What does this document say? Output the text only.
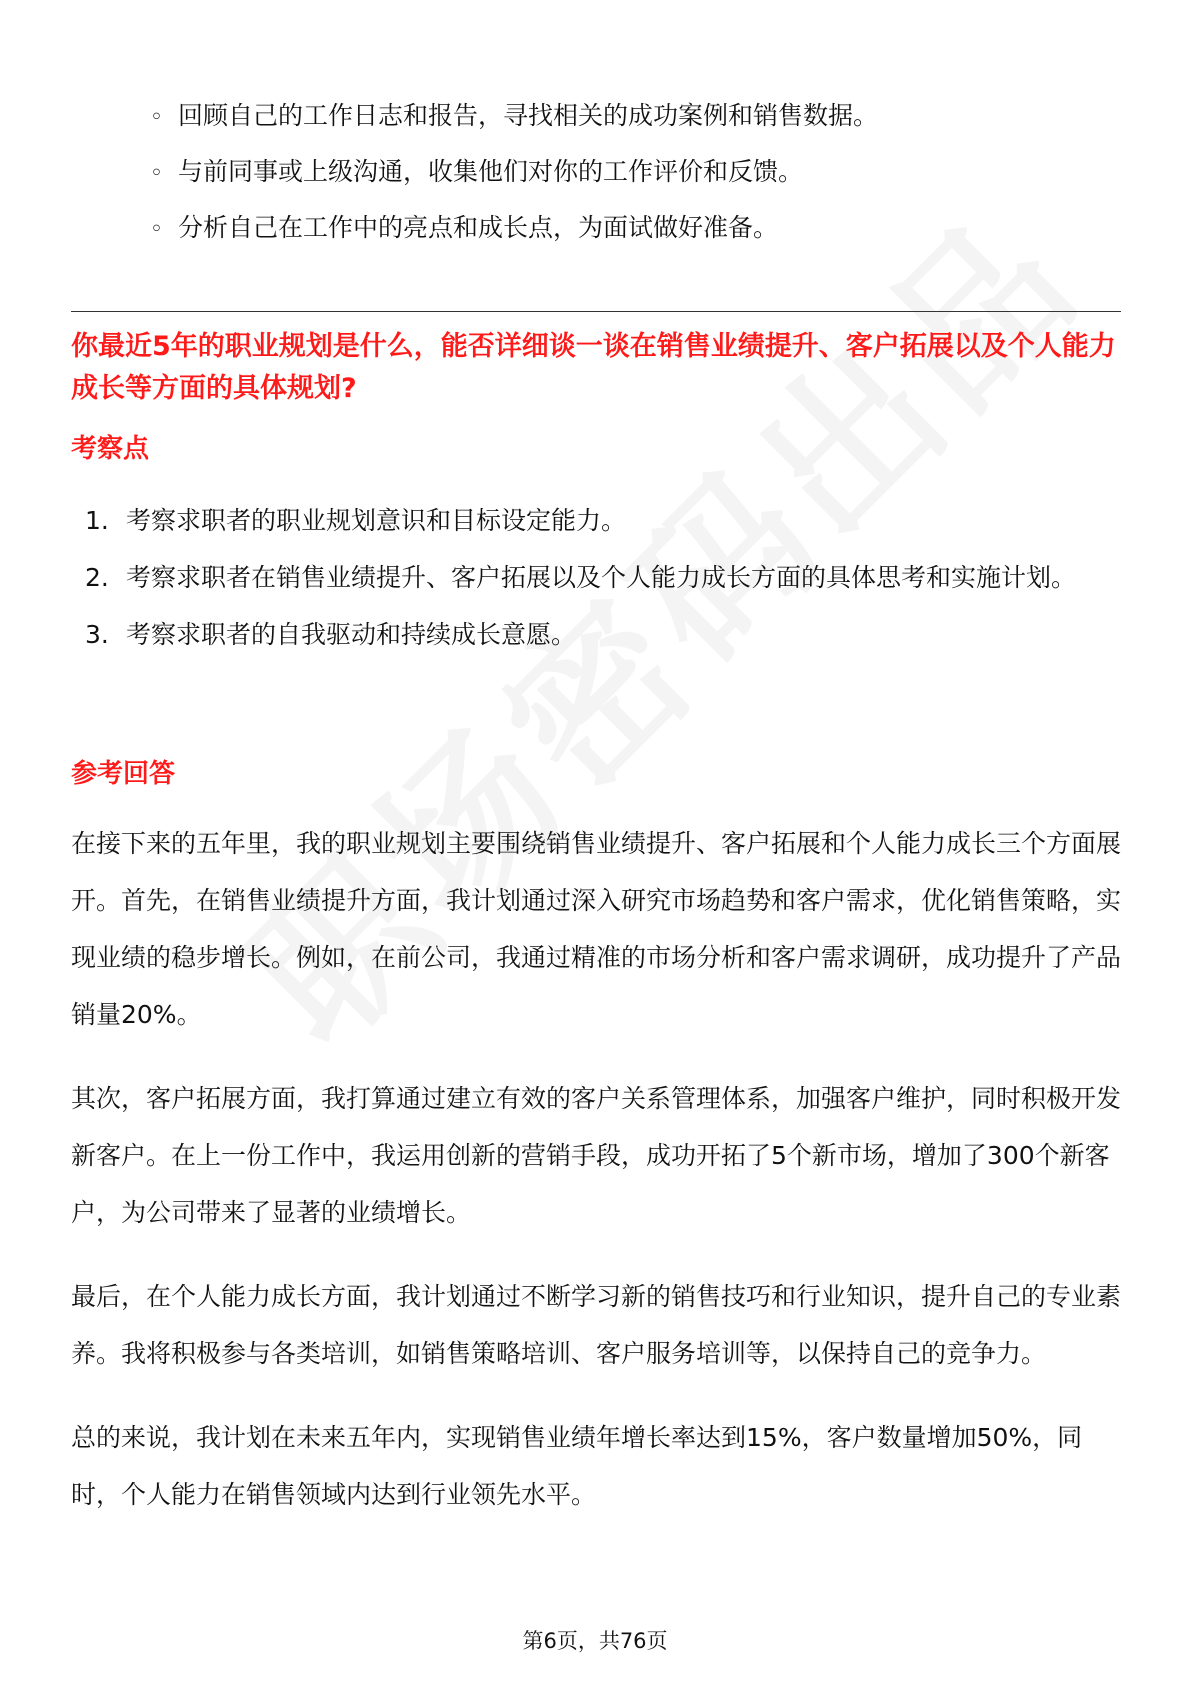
◦ 回顾自己的工作日志和报告，寻找相关的成功案例和销售数据。
◦ 与前同事或上级沟通，收集他们对你的工作评价和反馈。
◦ 分析自己在工作中的亮点和成长点，为面试做好准备。
你最近5年的职业规划是什么，能否详细谈一谈在销售业绩提升、客户拓展以及个人能力成长等方面的具体规划?
考察点
1. 考察求职者的职业规划意识和目标设定能力。
2. 考察求职者在销售业绩提升、客户拓展以及个人能力成长方面的具体思考和实施计划。
3. 考察求职者的自我驱动和持续成长意愿。
参考回答

在接下来的五年里，我的职业规划主要围绕销售业绩提升、客户拓展和个人能力成长三个方面展开。首先，在销售业绩提升方面，我计划通过深入研究市场趋势和客户需求，优化销售策略，实现业绩的稳步增长。例如，在前公司，我通过精准的市场分析和客户需求调研，成功提升了产品销量20%。

其次，客户拓展方面，我打算通过建立有效的客户关系管理体系，加强客户维护，同时积极开发新客户。在上一份工作中，我运用创新的营销手段，成功开拓了5个新市场，增加了300个新客户，为公司带来了显著的业绩增长。

最后，在个人能力成长方面，我计划通过不断学习新的销售技巧和行业知识，提升自己的专业素养。我将积极参与各类培训，如销售策略培训、客户服务培训等，以保持自己的竞争力。

总的来说，我计划在未来五年内，实现销售业绩年增长率达到15%，客户数量增加50%，同时，个人能力在销售领域内达到行业领先水平。

第6页，共76页
